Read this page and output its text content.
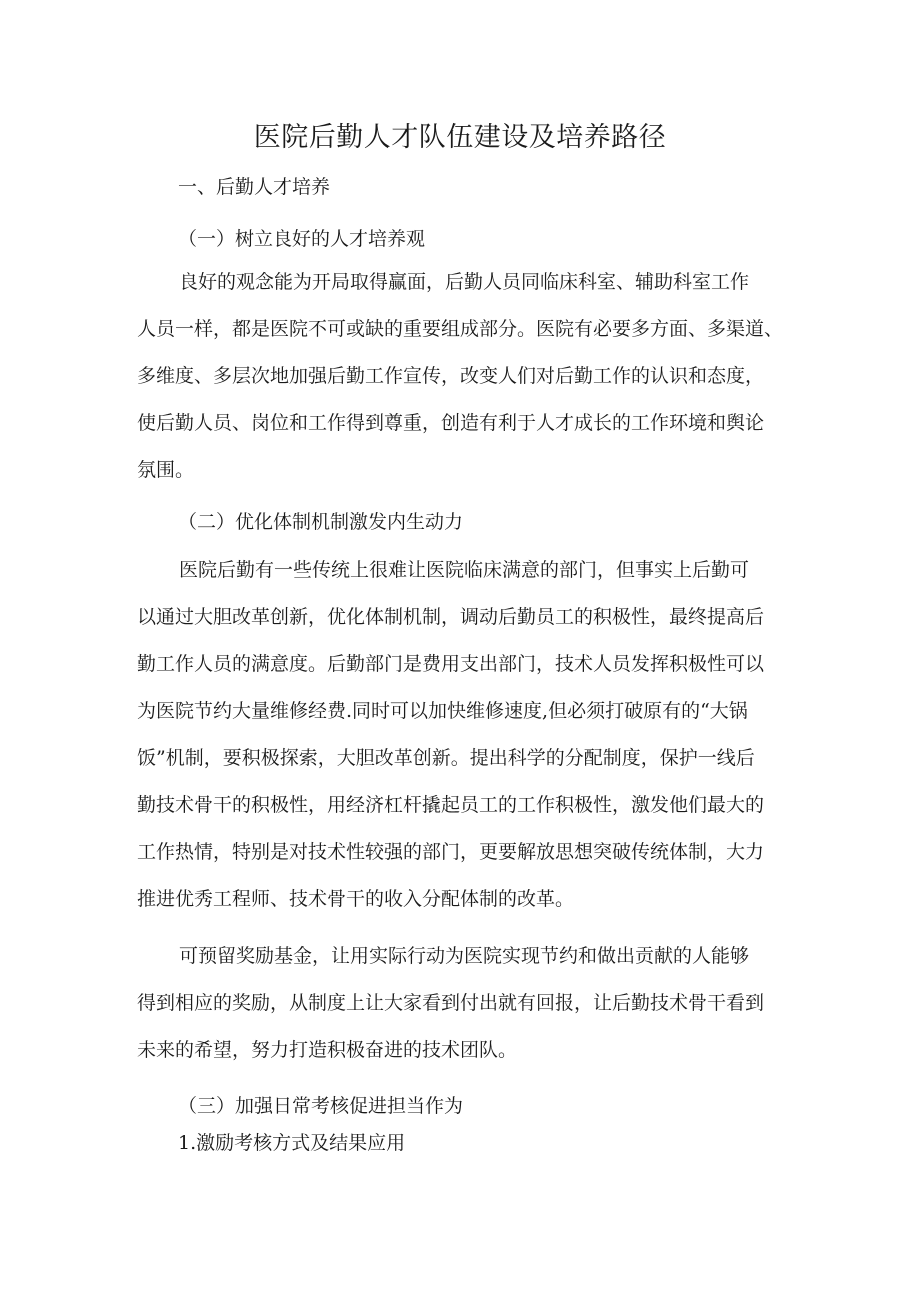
医院后勤人才队伍建设及培养路径

一、后勤人才培养

（一）树立良好的人才培养观

良好的观念能为开局取得赢面，后勤人员同临床科室、辅助科室工作
人员一样，都是医院不可或缺的重要组成部分。医院有必要多方面、多渠道、
多维度、多层次地加强后勤工作宣传，改变人们对后勤工作的认识和态度，
使后勤人员、岗位和工作得到尊重，创造有利于人才成长的工作环境和舆论
氛围。

（二）优化体制机制激发内生动力

医院后勤有一些传统上很难让医院临床满意的部门，但事实上后勤可
以通过大胆改革创新，优化体制机制，调动后勤员工的积极性，最终提高后
勤工作人员的满意度。后勤部门是费用支出部门，技术人员发挥积极性可以
为医院节约大量维修经费.同时可以加快维修速度,但必须打破原有的“大锅
饭”机制，要积极探索，大胆改革创新。提出科学的分配制度，保护一线后
勤技术骨干的积极性，用经济杠杆撬起员工的工作积极性，激发他们最大的
工作热情，特别是对技术性较强的部门，更要解放思想突破传统体制，大力
推进优秀工程师、技术骨干的收入分配体制的改革。
可预留奖励基金，让用实际行动为医院实现节约和做出贡献的人能够
得到相应的奖励，从制度上让大家看到付出就有回报，让后勤技术骨干看到
未来的希望，努力打造积极奋进的技术团队。

（三）加强日常考核促进担当作为

1.激励考核方式及结果应用
